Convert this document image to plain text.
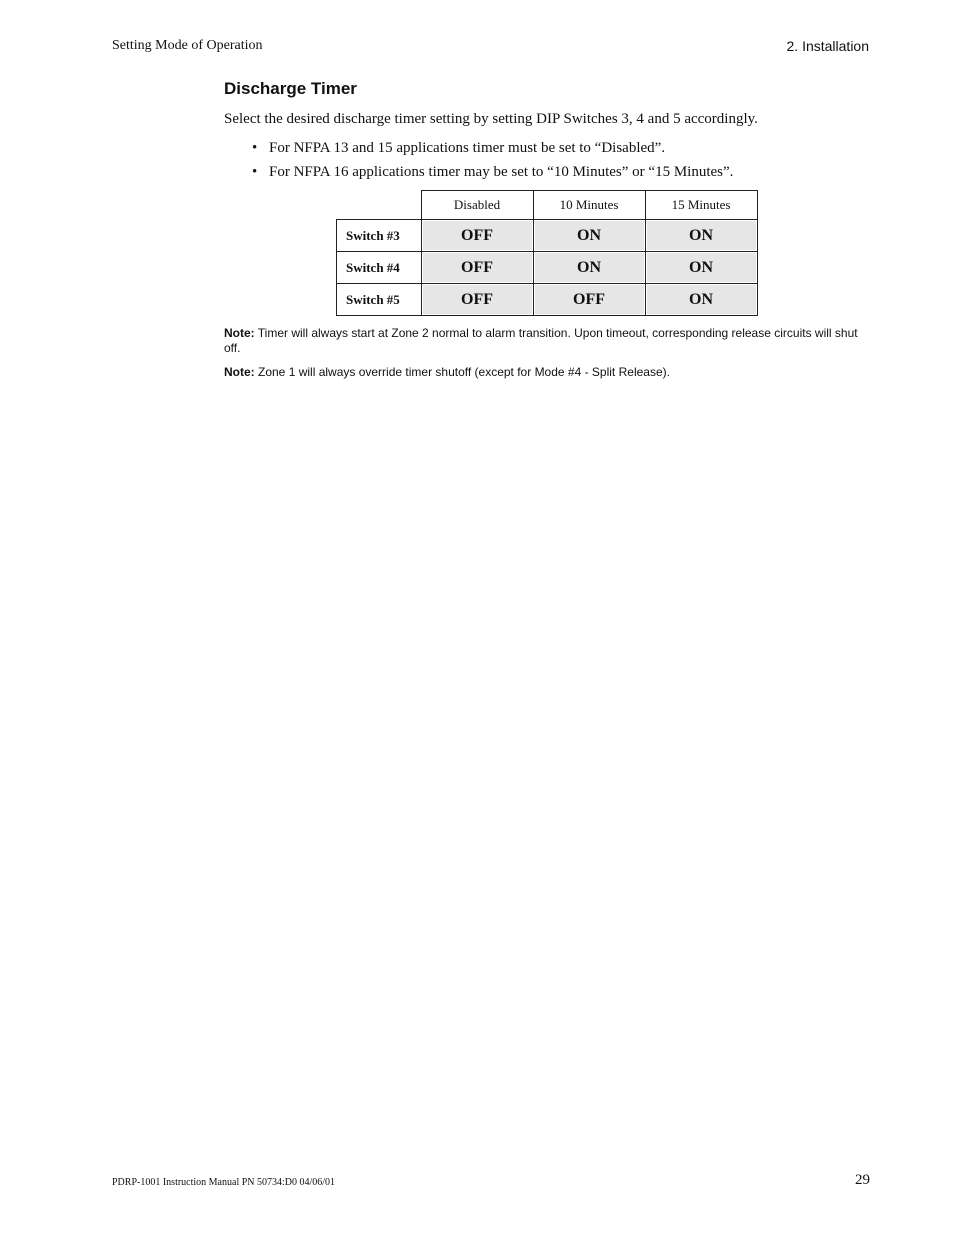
Setting Mode of Operation	2. Installation
Discharge Timer

Select the desired discharge timer setting by setting DIP Switches 3, 4 and 5 accordingly.

• For NFPA 13 and 15 applications timer must be set to “Disabled”.
• For NFPA 16 applications timer may be set to “10 Minutes” or “15 Minutes”.
	Disabled	10 Minutes	15 Minutes
Switch #3	OFF	ON	ON
Switch #4	OFF	ON	ON
Switch #5	OFF	OFF	ON

Note: Timer will always start at Zone 2 normal to alarm transition. Upon timeout, corresponding release circuits will shut off.

Note: Zone 1 will always override timer shutoff (except for Mode #4 - Split Release).

PDRP-1001 Instruction Manual PN 50734:D0 04/06/01	29
